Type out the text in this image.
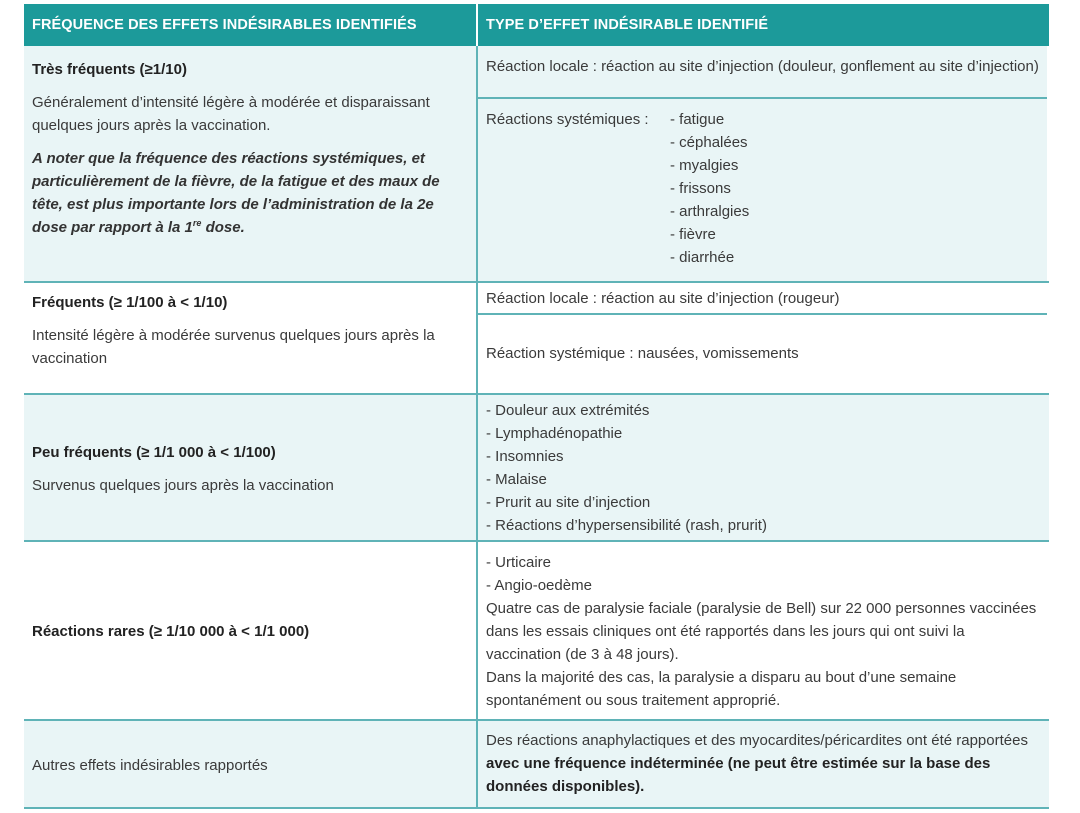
FRÉQUENCE DES EFFETS INDÉSIRABLES IDENTIFIÉS	TYPE D’EFFET INDÉSIRABLE IDENTIFIÉ

Très fréquents (≥1/10)

Généralement d’intensité légère à modérée et disparaissant quelques jours après la vaccination.

A noter que la fréquence des réactions systémiques, et particulièrement de la fièvre, de la fatigue et des maux de tête, est plus importante lors de l’administration de la 2e dose par rapport à la 1re dose.

Réaction locale : réaction au site d’injection (douleur, gonflement au site d’injection)

Réactions systémiques :
-	fatigue
- céphalées
- myalgies
- frissons
- arthralgies
- fièvre
- diarrhée

Fréquents (≥ 1/100 à < 1/10)

Intensité légère à modérée survenus quelques jours après la vaccination

Réaction locale : réaction au site d’injection (rougeur)

Réaction systémique : nausées, vomissements

Peu fréquents (≥ 1/1 000 à < 1/100)

Survenus quelques jours après la vaccination

- Douleur aux extrémités
- Lymphadénopathie
- Insomnies
- Malaise
- Prurit au site d’injection
- Réactions d’hypersensibilité (rash, prurit)

Réactions rares (≥ 1/10 000 à < 1/1 000)

- Urticaire
- Angio-oedème

Quatre cas de paralysie faciale (paralysie de Bell) sur 22 000 personnes vaccinées dans les essais cliniques ont été rapportés dans les jours qui ont suivi la vaccination (de 3 à 48 jours).

Dans la majorité des cas, la paralysie a disparu au bout d’une semaine spontanément ou sous traitement approprié.

Autres effets indésirables rapportés

Des réactions anaphylactiques et des myocardites/péricardites ont été rapportées avec une fréquence indéterminée (ne peut être estimée sur la base des données disponibles).
